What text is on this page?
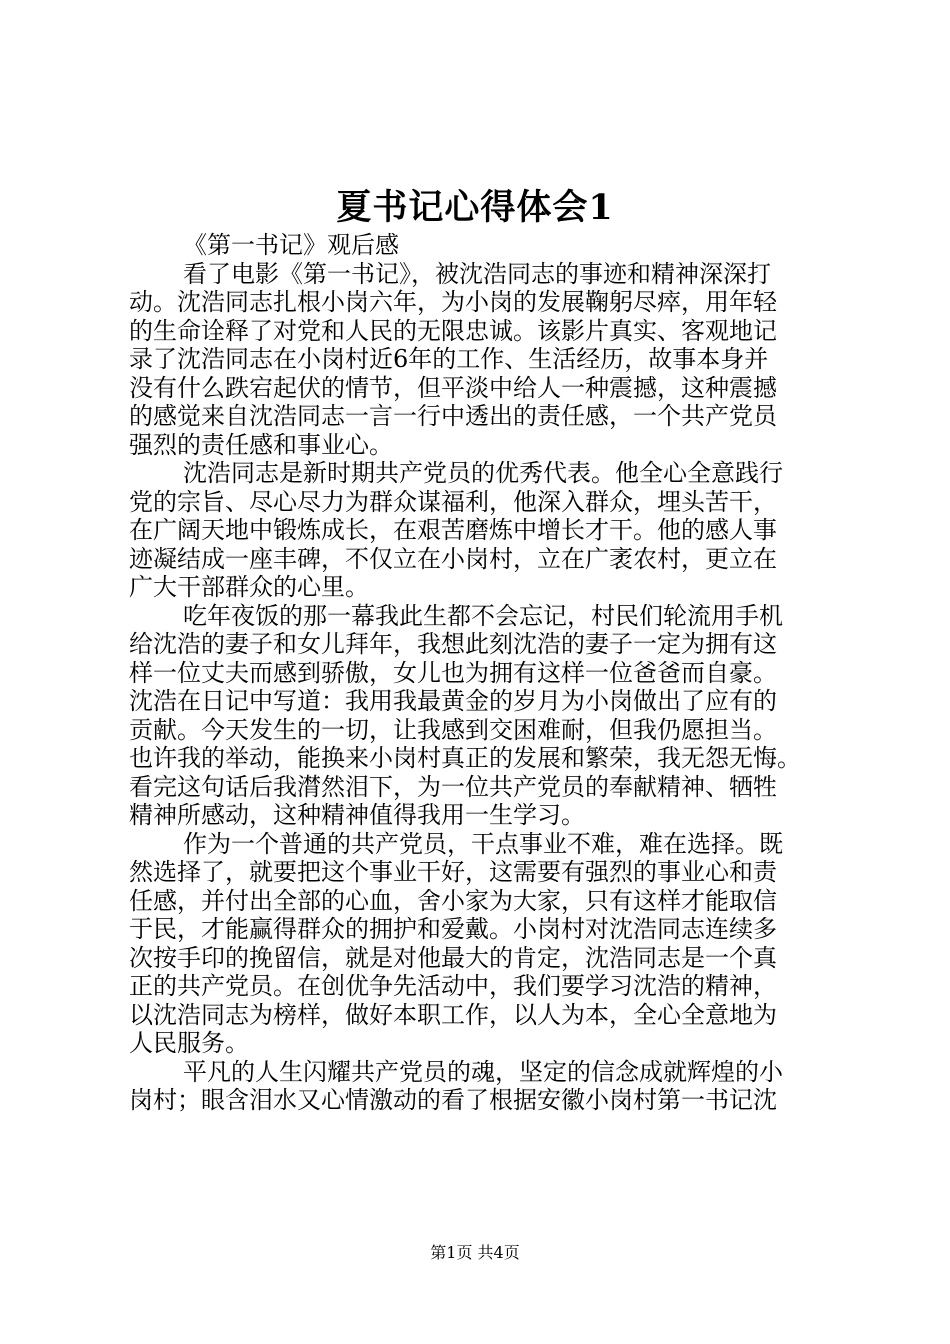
夏书记心得体会1
《第一书记》观后感
看了电影《第一书记》，被沈浩同志的事迹和精神深深打
动。沈浩同志扎根小岗六年，为小岗的发展鞠躬尽瘁，用年轻
的生命诠释了对党和人民的无限忠诚。该影片真实、客观地记
录了沈浩同志在小岗村近6年的工作、生活经历，故事本身并
没有什么跌宕起伏的情节，但平淡中给人一种震撼，这种震撼
的感觉来自沈浩同志一言一行中透出的责任感，一个共产党员
强烈的责任感和事业心。
沈浩同志是新时期共产党员的优秀代表。他全心全意践行
党的宗旨、尽心尽力为群众谋福利，他深入群众，埋头苦干，
在广阔天地中锻炼成长，在艰苦磨炼中增长才干。他的感人事
迹凝结成一座丰碑，不仅立在小岗村，立在广袤农村，更立在
广大干部群众的心里。
吃年夜饭的那一幕我此生都不会忘记，村民们轮流用手机
给沈浩的妻子和女儿拜年，我想此刻沈浩的妻子一定为拥有这
样一位丈夫而感到骄傲，女儿也为拥有这样一位爸爸而自豪。
沈浩在日记中写道：我用我最黄金的岁月为小岗做出了应有的
贡献。今天发生的一切，让我感到交困难耐，但我仍愿担当。
也许我的举动，能换来小岗村真正的发展和繁荣，我无怨无悔。
看完这句话后我潸然泪下，为一位共产党员的奉献精神、牺牲
精神所感动，这种精神值得我用一生学习。
作为一个普通的共产党员，干点事业不难，难在选择。既
然选择了，就要把这个事业干好，这需要有强烈的事业心和责
任感，并付出全部的心血，舍小家为大家，只有这样才能取信
于民，才能赢得群众的拥护和爱戴。小岗村对沈浩同志连续多
次按手印的挽留信，就是对他最大的肯定，沈浩同志是一个真
正的共产党员。在创优争先活动中，我们要学习沈浩的精神，
以沈浩同志为榜样，做好本职工作，以人为本，全心全意地为
人民服务。
平凡的人生闪耀共产党员的魂，坚定的信念成就辉煌的小
岗村；眼含泪水又心情激动的看了根据安徽小岗村第一书记沈
第1页 共4页
